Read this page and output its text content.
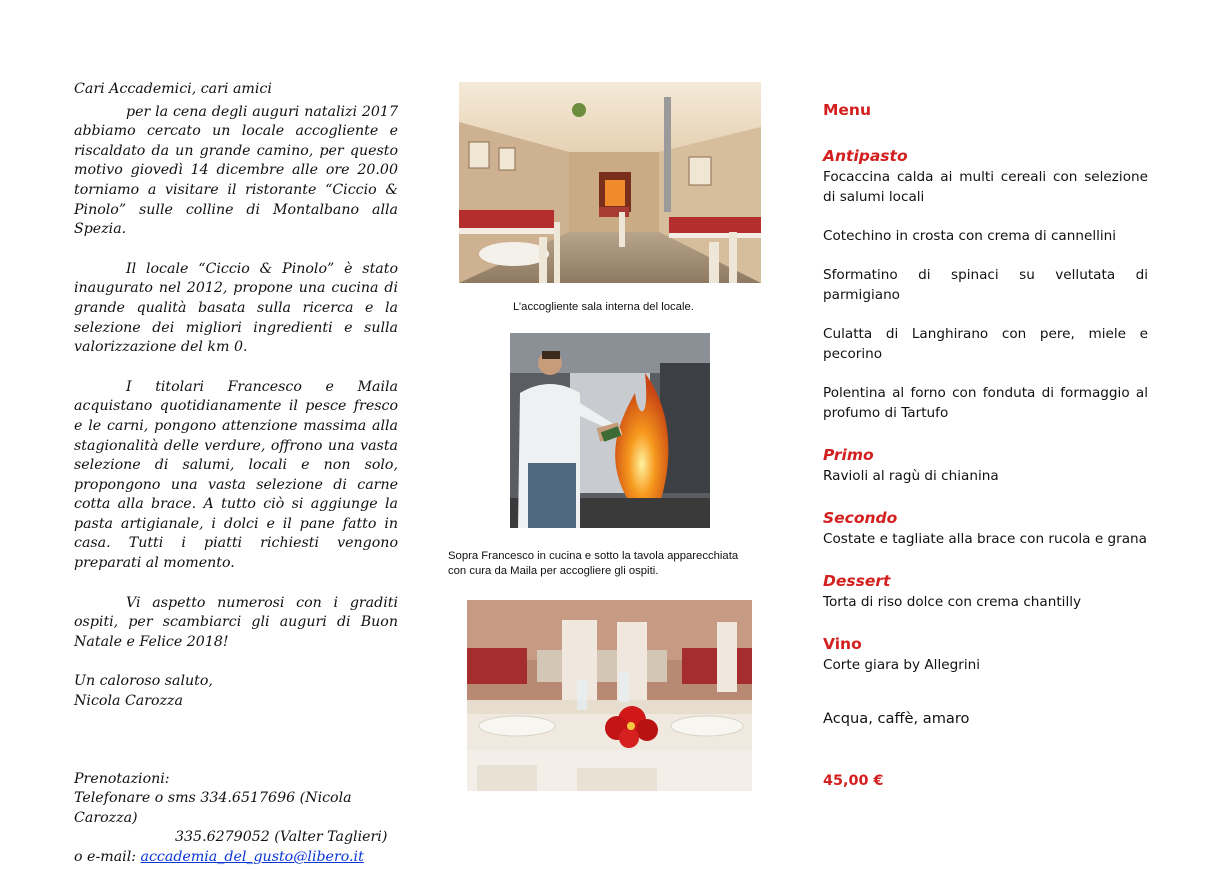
Cari Accademici, cari amici

per la cena degli auguri natalizi 2017 abbiamo cercato un locale accogliente e riscaldato da un grande camino, per questo motivo giovedì 14 dicembre alle ore 20.00 torniamo a visitare il ristorante “Ciccio & Pinolo” sulle colline di Montalbano alla Spezia.

Il locale “Ciccio & Pinolo” è stato inaugurato nel 2012, propone una cucina di grande qualità basata sulla ricerca e la selezione dei migliori ingredienti e sulla valorizzazione del km 0.

I titolari Francesco e Maila acquistano quotidianamente il pesce fresco e le carni, pongono attenzione massima alla stagionalità delle verdure, offrono una vasta selezione di salumi, locali e non solo, propongono una vasta selezione di carne cotta alla brace. A tutto ciò si aggiunge la pasta artigianale, i dolci e il pane fatto in casa. Tutti i piatti richiesti vengono preparati al momento.

Vi aspetto numerosi con i graditi ospiti, per scambiarci gli auguri di Buon Natale e Felice 2018!

Un caloroso saluto,
Nicola Carozza

Prenotazioni:
Telefonare o sms 334.6517696 (Nicola Carozza)
335.6279052 (Valter Taglieri)
o e-mail: accademia_del_gusto@libero.it

L’accogliente sala interna del locale.
Sopra Francesco in cucina e sotto la tavola apparecchiata
con cura da Maila per accogliere gli ospiti.

Menu

Antipasto

Focaccina calda ai multi cereali con selezione di salumi locali

Cotechino in crosta con crema di cannellini

Sformatino di spinaci su vellutata di parmigiano

Culatta di Langhirano con pere, miele e pecorino

Polentina al forno con fonduta di formaggio al profumo di Tartufo

Primo

Ravioli al ragù di chianina

Secondo

Costate e tagliate alla brace con rucola e grana

Dessert

Torta di riso dolce con crema chantilly

Vino

Corte giara by Allegrini

Acqua, caffè, amaro

45,00 €
